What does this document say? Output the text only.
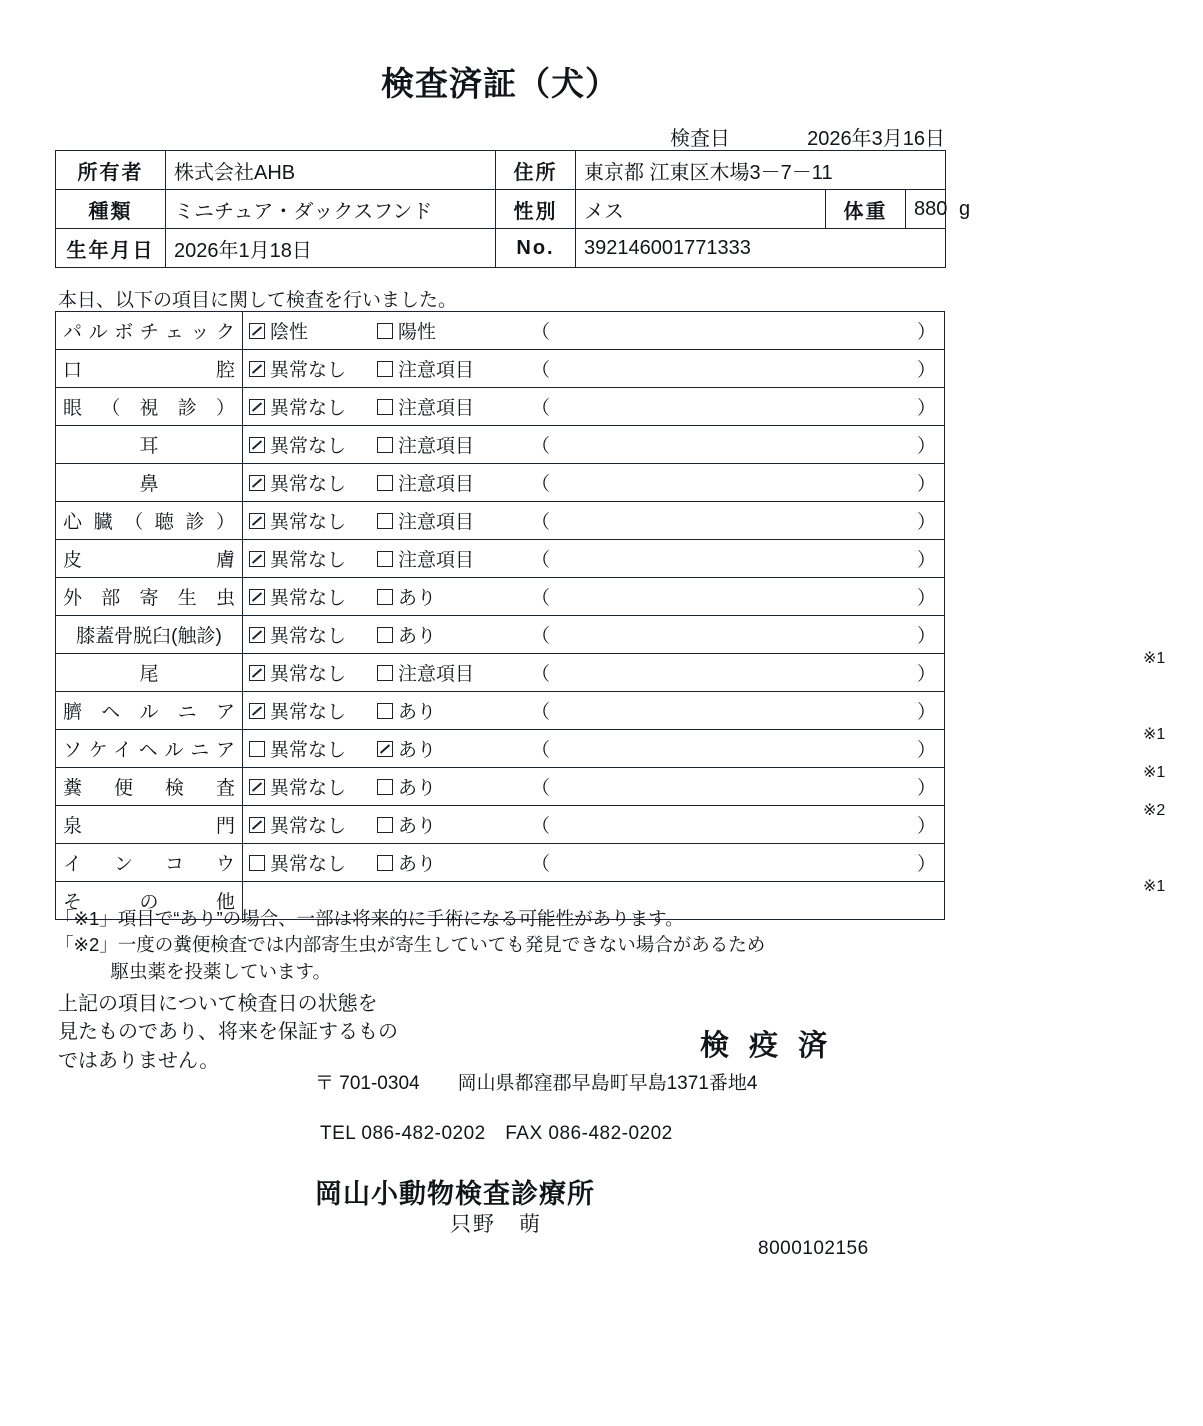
検査済証（犬）
検査日	2026年3月16日
所有者	株式会社AHB	住所	東京都 江東区木場3－7－11		
種類	ミニチュア・ダックスフンド	性別	メス	体重	880 g
生年月日	2026年1月18日	No.	392146001771333		
本日、以下の項目に関して検査を行いました。
パルボチェック	陰性 陽性 （ ）

口　　　　腔	異常なし 注意項目 （ ）

眼（視診）	異常なし 注意項目 （ ）

耳	異常なし 注意項目 （ ）

鼻	異常なし 注意項目 （ ）

心臓（聴診）	異常なし 注意項目 （ ）

皮　　　　膚	異常なし 注意項目 （ ）

外部寄生虫	異常なし あり （ ）

膝蓋骨脱臼(触診)	異常なし あり （ ）
※1

尾	異常なし 注意項目 （ ）

臍ヘルニア	異常なし あり （ ）
※1

ソケイヘルニア	異常なし あり （ ）
※1

糞便検査	異常なし あり （ ）
※2

泉　　　　門	異常なし あり （ ）

インコウ	異常なし あり （ ）
※1

その他	
「※1」項目で“あり”の場合、一部は将来的に手術になる可能性があります。
「※2」一度の糞便検査では内部寄生虫が寄生していても発見できない場合があるため
　　　駆虫薬を投薬しています。
上記の項目について検査日の状態を
見たものであり、将来を保証するもの
ではありません。	検 疫 済
〒 701-0304　　岡山県都窪郡早島町早島1371番地4
TEL 086-482-0202　FAX 086-482-0202
岡山小動物検査診療所
只野　萌
8000102156
